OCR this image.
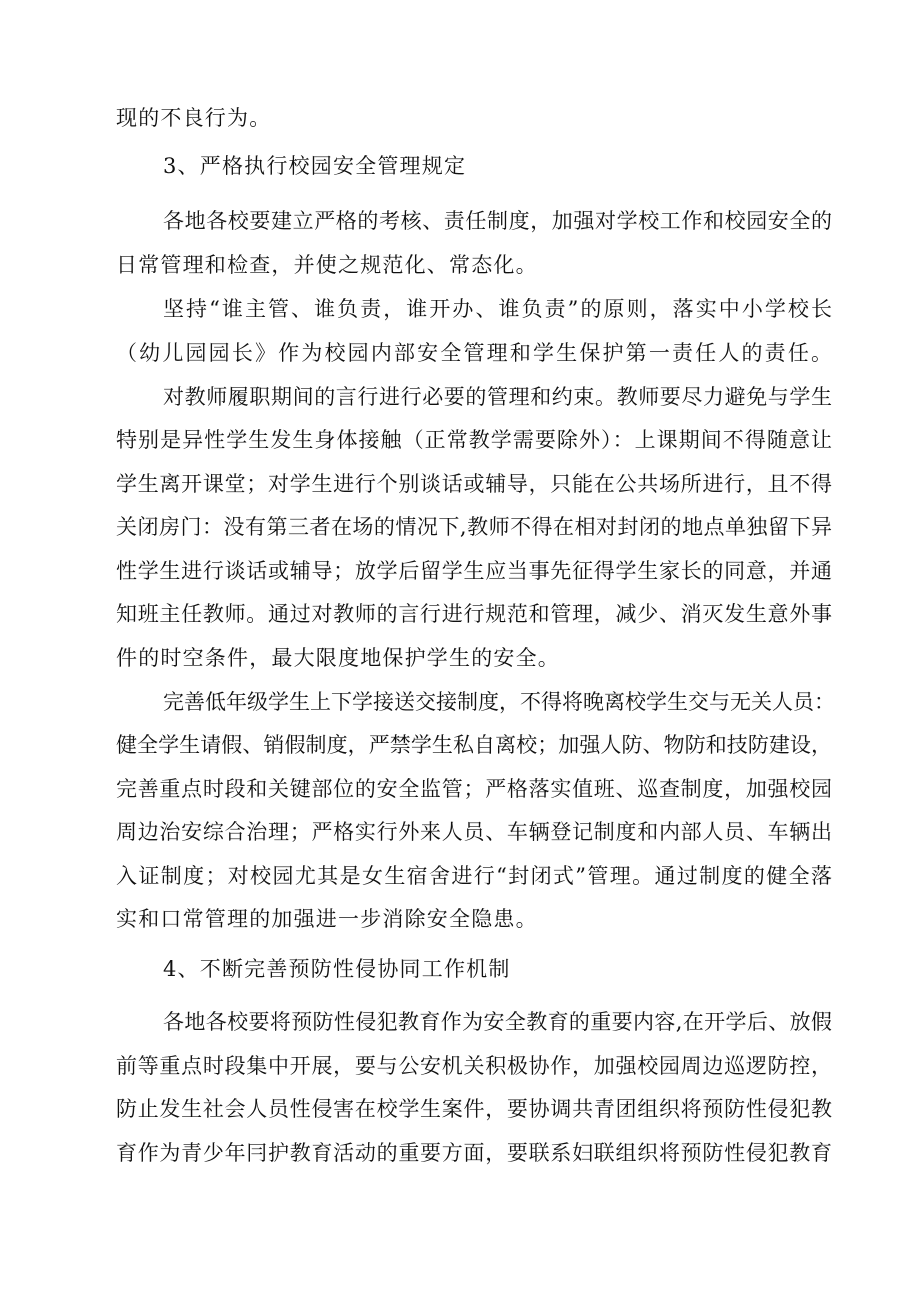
现的不良行为。
3、严格执行校园安全管理规定
各地各校要建立严格的考核、责任制度，加强对学校工作和校园安全的
日常管理和检查，并使之规范化、常态化。
坚持“谁主管、谁负责，谁开办、谁负责”的原则，落实中小学校长
（幼儿园园长》作为校园内部安全管理和学生保护第一责任人的责任。
对教师履职期间的言行进行必要的管理和约束。教师要尽力避免与学生
特别是异性学生发生身体接触（正常教学需要除外）：上课期间不得随意让
学生离开课堂；对学生进行个别谈话或辅导，只能在公共场所进行，且不得
关闭房门：没有第三者在场的情况下,教师不得在相对封闭的地点单独留下异
性学生进行谈话或辅导；放学后留学生应当事先征得学生家长的同意，并通
知班主任教师。通过对教师的言行进行规范和管理，减少、消灭发生意外事
件的时空条件，最大限度地保护学生的安全。
完善低年级学生上下学接送交接制度，不得将晚离校学生交与无关人员：
健全学生请假、销假制度，严禁学生私自离校；加强人防、物防和技防建设，
完善重点时段和关键部位的安全监管；严格落实值班、巡查制度，加强校园
周边治安综合治理；严格实行外来人员、车辆登记制度和内部人员、车辆出
入证制度；对校园尤其是女生宿舍进行“封闭式”管理。通过制度的健全落
实和口常管理的加强进一步消除安全隐患。
4、不断完善预防性侵协同工作机制
各地各校要将预防性侵犯教育作为安全教育的重要内容,在开学后、放假
前等重点时段集中开展，要与公安机关积极协作，加强校园周边巡逻防控，
防止发生社会人员性侵害在校学生案件，要协调共青团组织将预防性侵犯教
育作为青少年冃护教育活动的重要方面，要联系妇联组织将预防性侵犯教育
